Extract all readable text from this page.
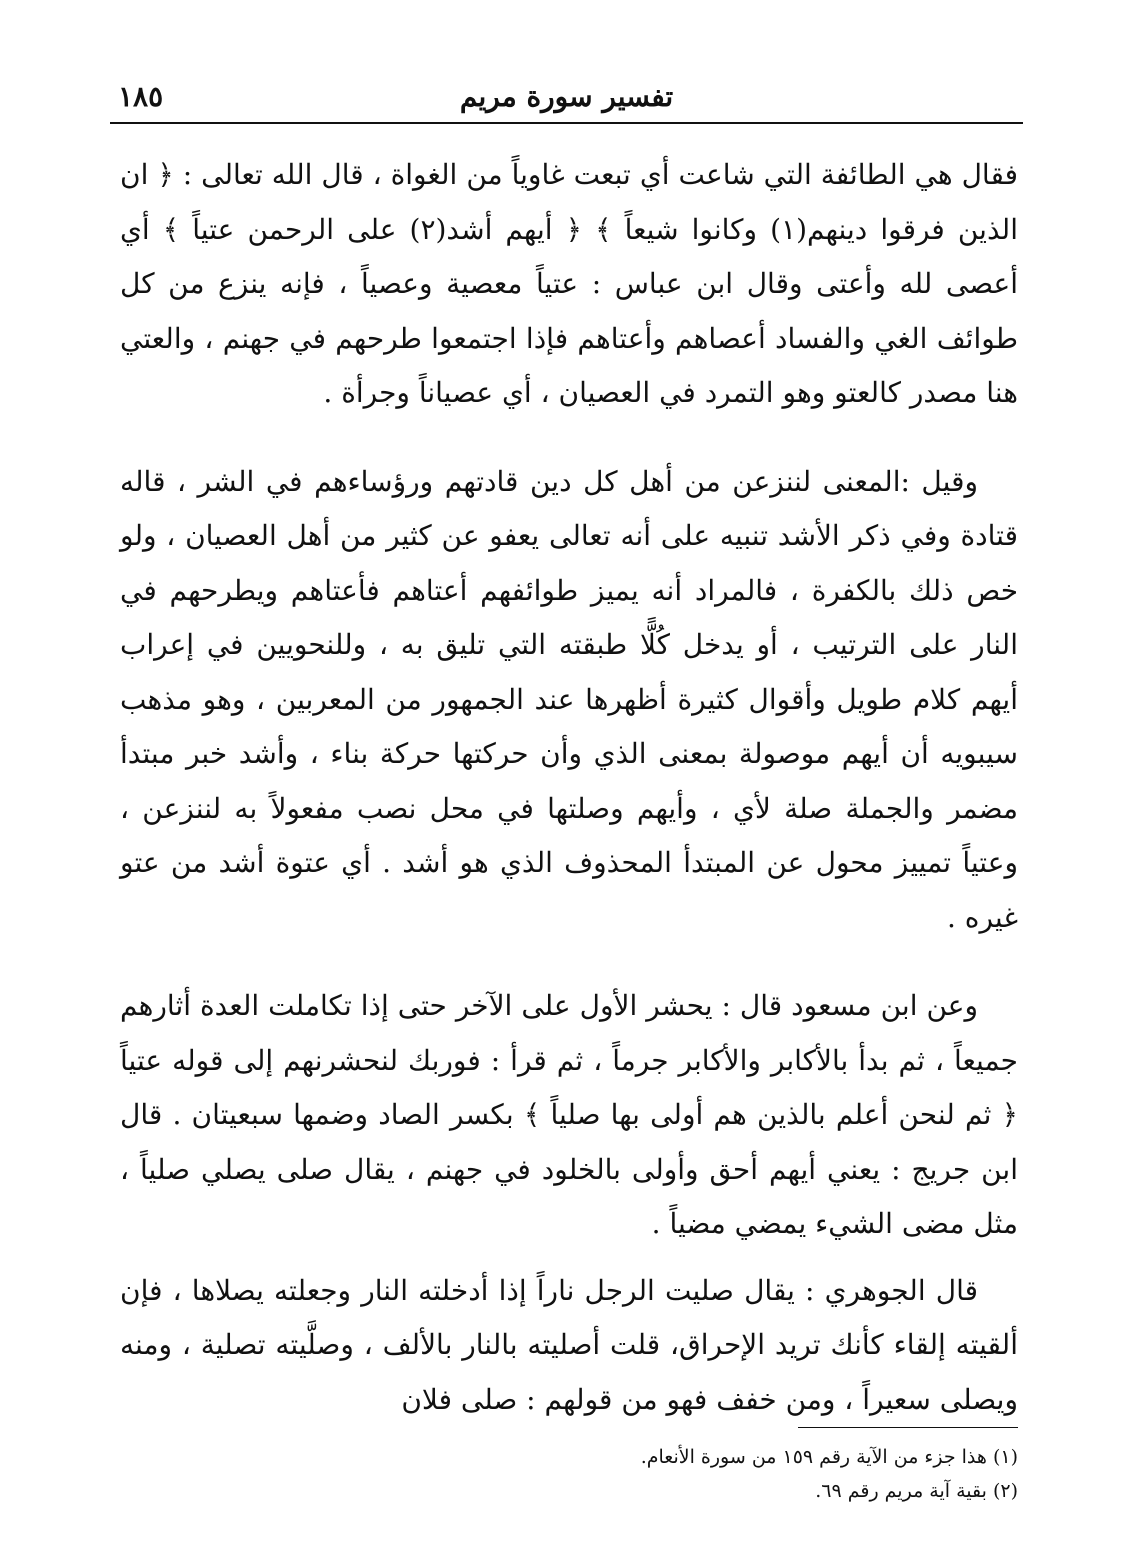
تفسير سورة مريم
١٨٥

فقال هي الطائفة التي شاعت أي تبعت غاوياً من الغواة ، قال الله تعالى : ﴿ ان الذين فرقوا دينهم(١) وكانوا شيعاً ﴾ ﴿ أيهم أشد(٢) على الرحمن عتياً ﴾ أي أعصى لله وأعتى وقال ابن عباس : عتياً معصية وعصياً ، فإنه ينزع من كل طوائف الغي والفساد أعصاهم وأعتاهم فإذا اجتمعوا طرحهم في جهنم ، والعتي هنا مصدر كالعتو وهو التمرد في العصيان ، أي عصياناً وجرأة .

وقيل :المعنى لننزعن من أهل كل دين قادتهم ورؤساءهم في الشر ، قاله قتادة وفي ذكر الأشد تنبيه على أنه تعالى يعفو عن كثير من أهل العصيان ، ولو خص ذلك بالكفرة ، فالمراد أنه يميز طوائفهم أعتاهم فأعتاهم ويطرحهم في النار على الترتيب ، أو يدخل كُلًّا طبقته التي تليق به ، وللنحويين في إعراب أيهم كلام طويل وأقوال كثيرة أظهرها عند الجمهور من المعربين ، وهو مذهب سيبويه أن أيهم موصولة بمعنى الذي وأن حركتها حركة بناء ، وأشد خبر مبتدأ مضمر والجملة صلة لأي ، وأيهم وصلتها في محل نصب مفعولاً به لننزعن ، وعتياً تمييز محول عن المبتدأ المحذوف الذي هو أشد . أي عتوة أشد من عتو غيره .

وعن ابن مسعود قال : يحشر الأول على الآخر حتى إذا تكاملت العدة أثارهم جميعاً ، ثم بدأ بالأكابر والأكابر جرماً ، ثم قرأ : فوربك لنحشرنهم إلى قوله عتياً ﴿ ثم لنحن أعلم بالذين هم أولى بها صلياً ﴾ بكسر الصاد وضمها سبعيتان . قال ابن جريج : يعني أيهم أحق وأولى بالخلود في جهنم ، يقال صلى يصلي صلياً ، مثل مضى الشيء يمضي مضياً .

قال الجوهري : يقال صليت الرجل ناراً إذا أدخلته النار وجعلته يصلاها ، فإن ألقيته إلقاء كأنك تريد الإحراق، قلت أصليته بالنار بالألف ، وصلَّيته تصلية ، ومنه ويصلى سعيراً ، ومن خفف فهو من قولهم : صلى فلان

(١) هذا جزء من الآية رقم ١٥٩ من سورة الأنعام.

(٢) بقية آية مريم رقم ٦٩.
